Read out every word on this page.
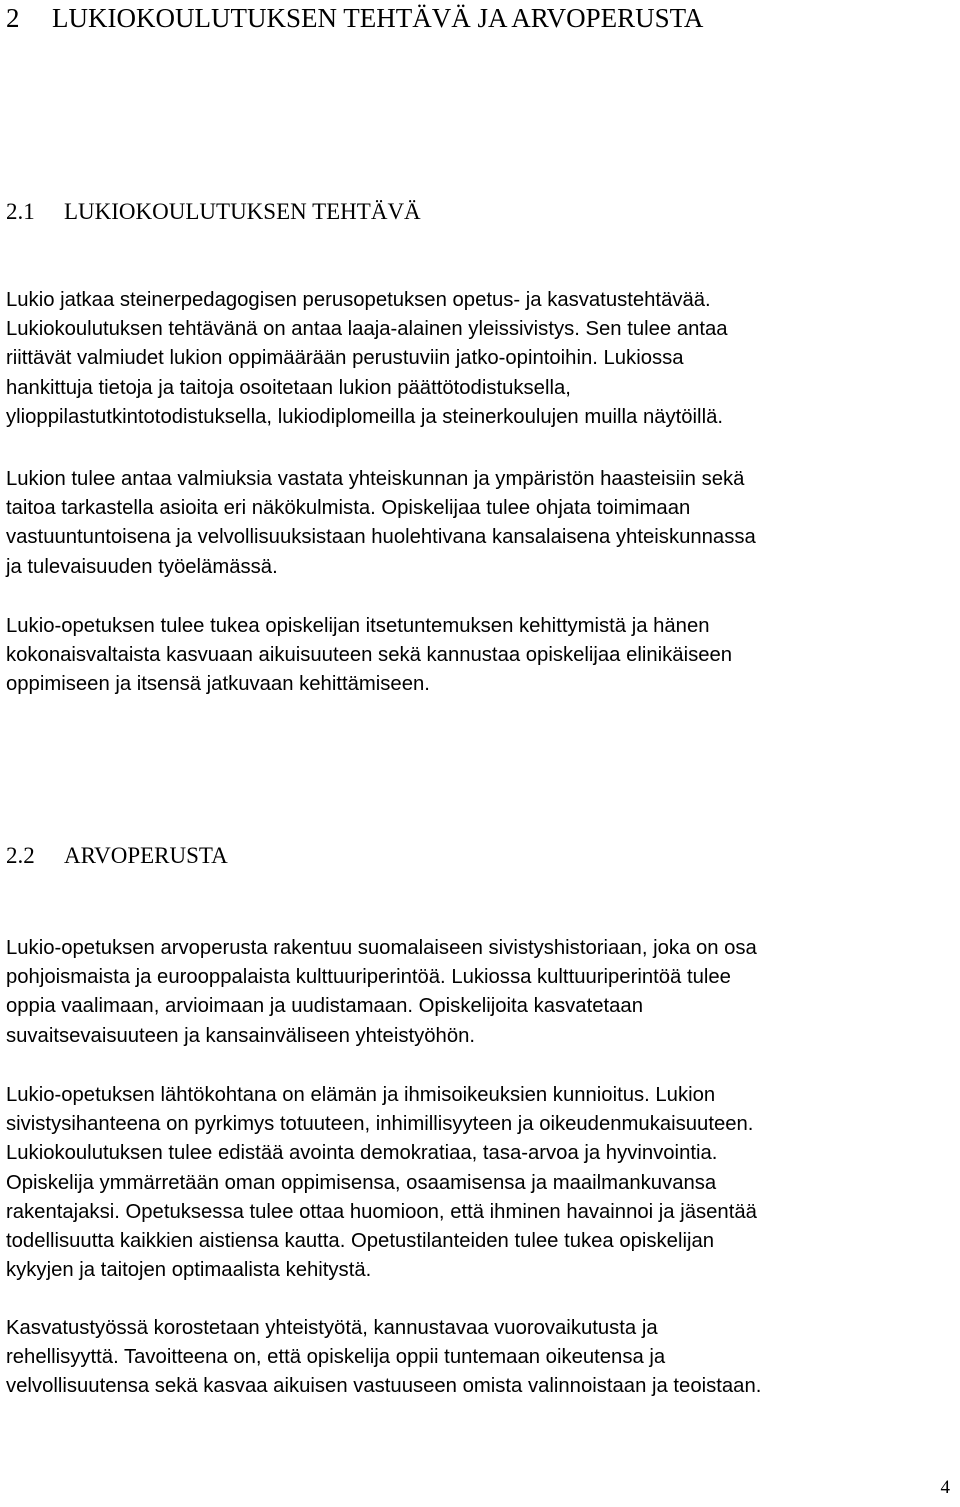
2 LUKIOKOULUTUKSEN TEHTÄVÄ JA ARVOPERUSTA
2.1 LUKIOKOULUTUKSEN TEHTÄVÄ

Lukio jatkaa steinerpedagogisen perusopetuksen opetus- ja kasvatustehtävää.
Lukiokoulutuksen tehtävänä on antaa laaja-alainen yleissivistys. Sen tulee antaa
riittävät valmiudet lukion oppimäärään perustuviin jatko-opintoihin. Lukiossa
hankittuja tietoja ja taitoja osoitetaan lukion päättötodistuksella,
ylioppilastutkintotodistuksella, lukiodiplomeilla ja steinerkoulujen muilla näytöillä.

Lukion tulee antaa valmiuksia vastata yhteiskunnan ja ympäristön haasteisiin sekä
taitoa tarkastella asioita eri näkökulmista. Opiskelijaa tulee ohjata toimimaan
vastuuntuntoisena ja velvollisuuksistaan huolehtivana kansalaisena yhteiskunnassa
ja tulevaisuuden työelämässä.

Lukio-opetuksen tulee tukea opiskelijan itsetuntemuksen kehittymistä ja hänen
kokonaisvaltaista kasvuaan aikuisuuteen sekä kannustaa opiskelijaa elinikäiseen
oppimiseen ja itsensä jatkuvaan kehittämiseen.

2.2 ARVOPERUSTA

Lukio-opetuksen arvoperusta rakentuu suomalaiseen sivistyshistoriaan, joka on osa
pohjoismaista ja eurooppalaista kulttuuriperintöä. Lukiossa kulttuuriperintöä tulee
oppia vaalimaan, arvioimaan ja uudistamaan. Opiskelijoita kasvatetaan
suvaitsevaisuuteen ja kansainväliseen yhteistyöhön.

Lukio-opetuksen lähtökohtana on elämän ja ihmisoikeuksien kunnioitus. Lukion
sivistysihanteena on pyrkimys totuuteen, inhimillisyyteen ja oikeudenmukaisuuteen.
Lukiokoulutuksen tulee edistää avointa demokratiaa, tasa-arvoa ja hyvinvointia.
Opiskelija ymmärretään oman oppimisensa, osaamisensa ja maailmankuvansa
rakentajaksi. Opetuksessa tulee ottaa huomioon, että ihminen havainnoi ja jäsentää
todellisuutta kaikkien aistiensa kautta. Opetustilanteiden tulee tukea opiskelijan
kykyjen ja taitojen optimaalista kehitystä.

Kasvatustyössä korostetaan yhteistyötä, kannustavaa vuorovaikutusta ja
rehellisyyttä. Tavoitteena on, että opiskelija oppii tuntemaan oikeutensa ja
velvollisuutensa sekä kasvaa aikuisen vastuuseen omista valinnoistaan ja teoistaan.

4
